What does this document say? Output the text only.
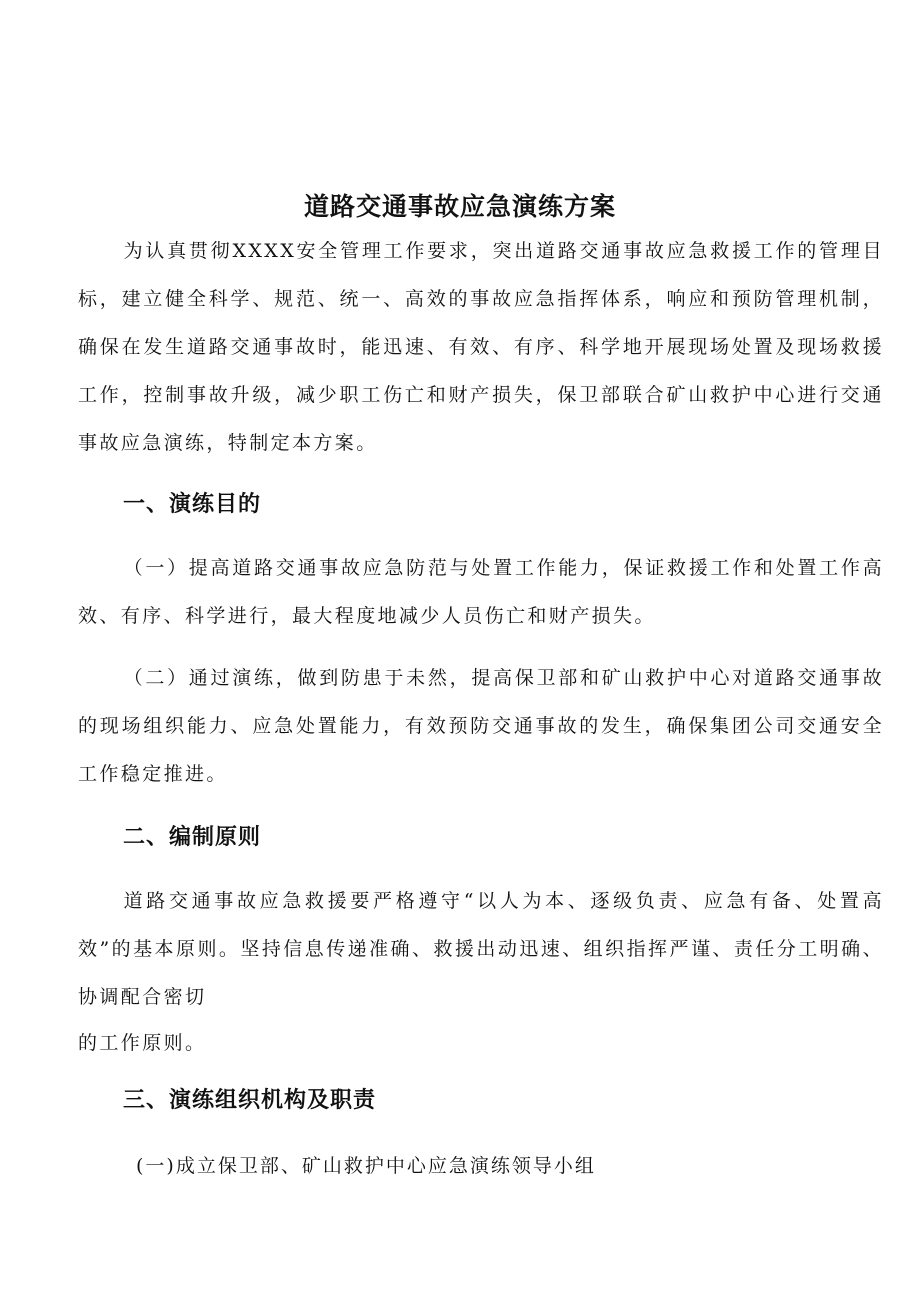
道路交通事故应急演练方案

为认真贯彻XXXX安全管理工作要求，突出道路交通事故应急救援工作的管理目标，建立健全科学、规范、统一、高效的事故应急指挥体系，响应和预防管理机制，确保在发生道路交通事故时，能迅速、有效、有序、科学地开展现场处置及现场救援工作，控制事故升级，减少职工伤亡和财产损失，保卫部联合矿山救护中心进行交通事故应急演练，特制定本方案。

一、演练目的

（一）提高道路交通事故应急防范与处置工作能力，保证救援工作和处置工作高效、有序、科学进行，最大程度地减少人员伤亡和财产损失。

（二）通过演练，做到防患于未然，提高保卫部和矿山救护中心对道路交通事故的现场组织能力、应急处置能力，有效预防交通事故的发生，确保集团公司交通安全工作稳定推进。

二、编制原则

道路交通事故应急救援要严格遵守“以人为本、逐级负责、应急有备、处置高效”的基本原则。坚持信息传递准确、救援出动迅速、组织指挥严谨、责任分工明确、协调配合密切

的工作原则。

三、演练组织机构及职责

(一)成立保卫部、矿山救护中心应急演练领导小组
